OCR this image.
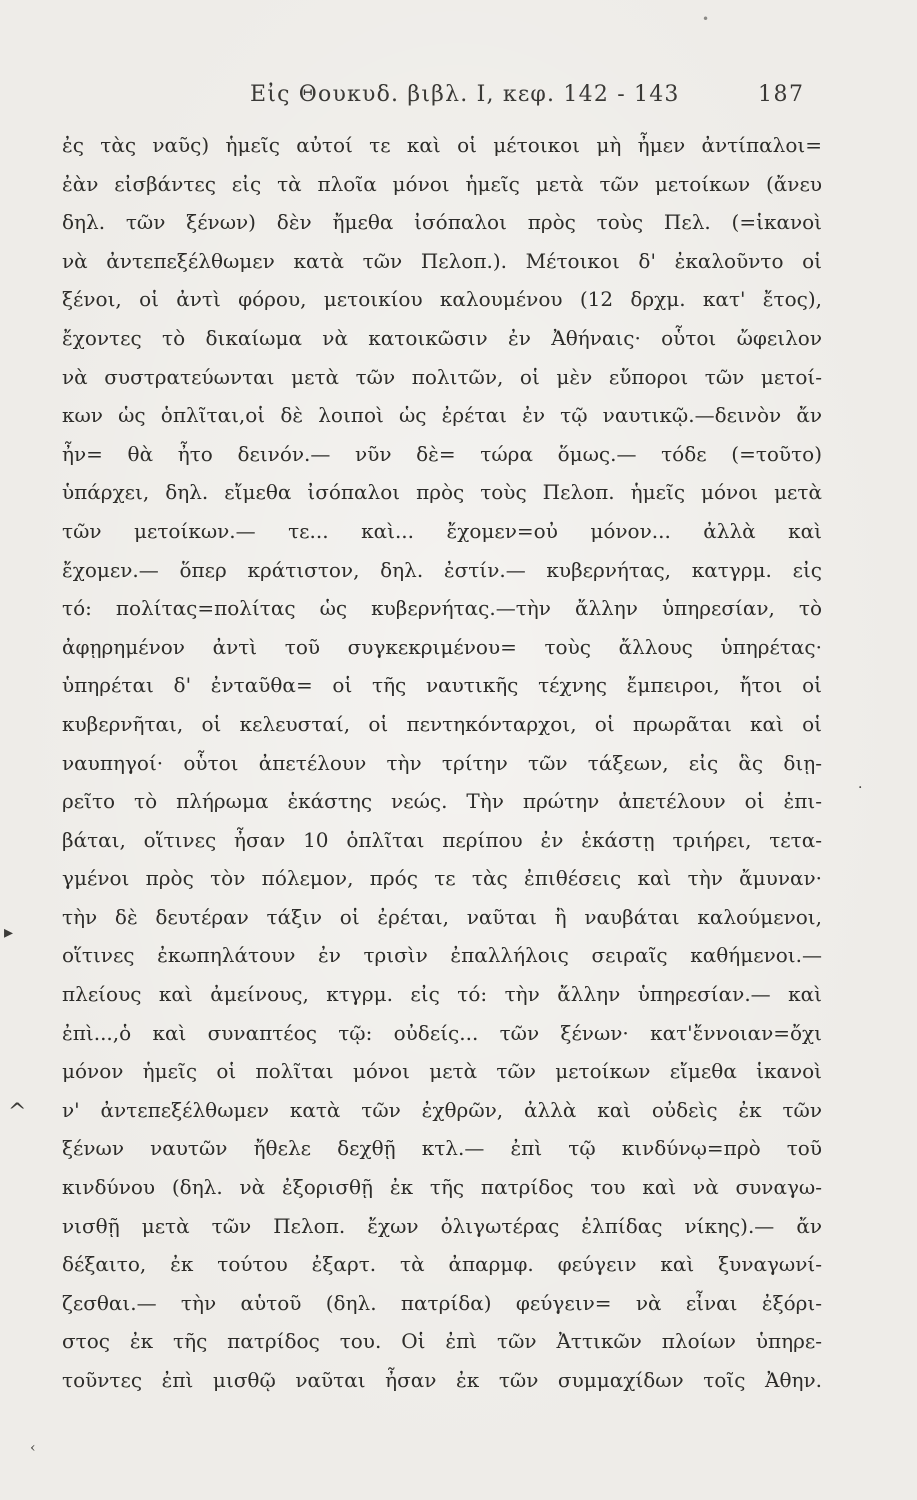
•
Εἰς Θουκυδ. βιβλ. I, κεφ. 142 - 143	187
ἐς τὰς ναῦς) ἡμεῖς αὐτοί τε καὶ οἱ μέτοικοι μὴ ἦμεν ἀντίπαλοι=
ἐὰν εἰσβάντες εἰς τὰ πλοῖα μόνοι ἡμεῖς μετὰ τῶν μετοίκων (ἄνευ
δηλ. τῶν ξένων) δὲν ἤμεθα ἰσόπαλοι πρὸς τοὺς Πελ. (=ἱκανοὶ
νὰ ἀντεπεξέλθωμεν κατὰ τῶν Πελοπ.). Μέτοικοι δ' ἐκαλοῦντο οἱ
ξένοι, οἱ ἀντὶ φόρου, μετοικίου καλουμένου (12 δρχμ. κατ' ἔτος),
ἔχοντες τὸ δικαίωμα νὰ κατοικῶσιν ἐν Ἀθήναις· οὗτοι ὤφειλον
νὰ συστρατεύωνται μετὰ τῶν πολιτῶν, οἱ μὲν εὔποροι τῶν μετοί-
κων ὡς ὁπλῖται,οἱ δὲ λοιποὶ ὡς ἐρέται ἐν τῷ ναυτικῷ.—δεινὸν ἄν
ἦν= θὰ ἦτο δεινόν.— νῦν δὲ= τώρα ὅμως.— τόδε (=τοῦτο)
ὑπάρχει, δηλ. εἴμεθα ἰσόπαλοι πρὸς τοὺς Πελοπ. ἡμεῖς μόνοι μετὰ
τῶν μετοίκων.— τε... καὶ... ἔχομεν=οὐ μόνον... ἀλλὰ καὶ
ἔχομεν.— ὅπερ κράτιστον, δηλ. ἐστίν.— κυβερνήτας, κατγρμ. εἰς
τό: πολίτας=πολίτας ὡς κυβερνήτας.—τὴν ἄλλην ὑπηρεσίαν, τὸ
ἀφῃρημένον ἀντὶ τοῦ συγκεκριμένου= τοὺς ἄλλους ὑπηρέτας·
ὑπηρέται δ' ἐνταῦθα= οἱ τῆς ναυτικῆς τέχνης ἔμπειροι, ἤτοι οἱ
κυβερνῆται, οἱ κελευσταί, οἱ πεντηκόνταρχοι, οἱ πρωρᾶται καὶ οἱ
ναυπηγοί· οὗτοι ἀπετέλουν τὴν τρίτην τῶν τάξεων, εἰς ἃς διῃ-
ρεῖτο τὸ πλήρωμα ἑκάστης νεώς. Τὴν πρώτην ἀπετέλουν οἱ ἐπι-
βάται, οἵτινες ἦσαν 10 ὁπλῖται περίπου ἐν ἑκάστῃ τριήρει, τετα-
γμένοι πρὸς τὸν πόλεμον, πρός τε τὰς ἐπιθέσεις καὶ τὴν ἄμυναν·
τὴν δὲ δευτέραν τάξιν οἱ ἐρέται, ναῦται ἢ ναυβάται καλούμενοι,
οἵτινες ἐκωπηλάτουν ἐν τρισὶν ἐπαλλήλοις σειραῖς καθήμενοι.—
πλείους καὶ ἀμείνους, κτγρμ. εἰς τό: τὴν ἄλλην ὑπηρεσίαν.— καὶ
ἐπὶ...,ὁ καὶ συναπτέος τῷ: οὐδείς... τῶν ξένων· κατ'ἔννοιαν=ὄχι
μόνον ἡμεῖς οἱ πολῖται μόνοι μετὰ τῶν μετοίκων εἴμεθα ἱκανοὶ
ν' ἀντεπεξέλθωμεν κατὰ τῶν ἐχθρῶν, ἀλλὰ καὶ οὐδεὶς ἐκ τῶν
ξένων ναυτῶν ἤθελε δεχθῇ κτλ.— ἐπὶ τῷ κινδύνῳ=πρὸ τοῦ
κινδύνου (δηλ. νὰ ἐξορισθῇ ἐκ τῆς πατρίδος του καὶ νὰ συναγω-
νισθῇ μετὰ τῶν Πελοπ. ἔχων ὀλιγωτέρας ἐλπίδας νίκης).— ἄν
δέξαιτο, ἐκ τούτου ἐξαρτ. τὰ ἀπαρμφ. φεύγειν καὶ ξυναγωνί-
ζεσθαι.— τὴν αὑτοῦ (δηλ. πατρίδα) φεύγειν= νὰ εἶναι ἐξόρι-
στος ἐκ τῆς πατρίδος του. Οἱ ἐπὶ τῶν Ἀττικῶν πλοίων ὑπηρε-
τοῦντες ἐπὶ μισθῷ ναῦται ἦσαν ἐκ τῶν συμμαχίδων τοῖς Ἀθην.
▸
^
‹
·
